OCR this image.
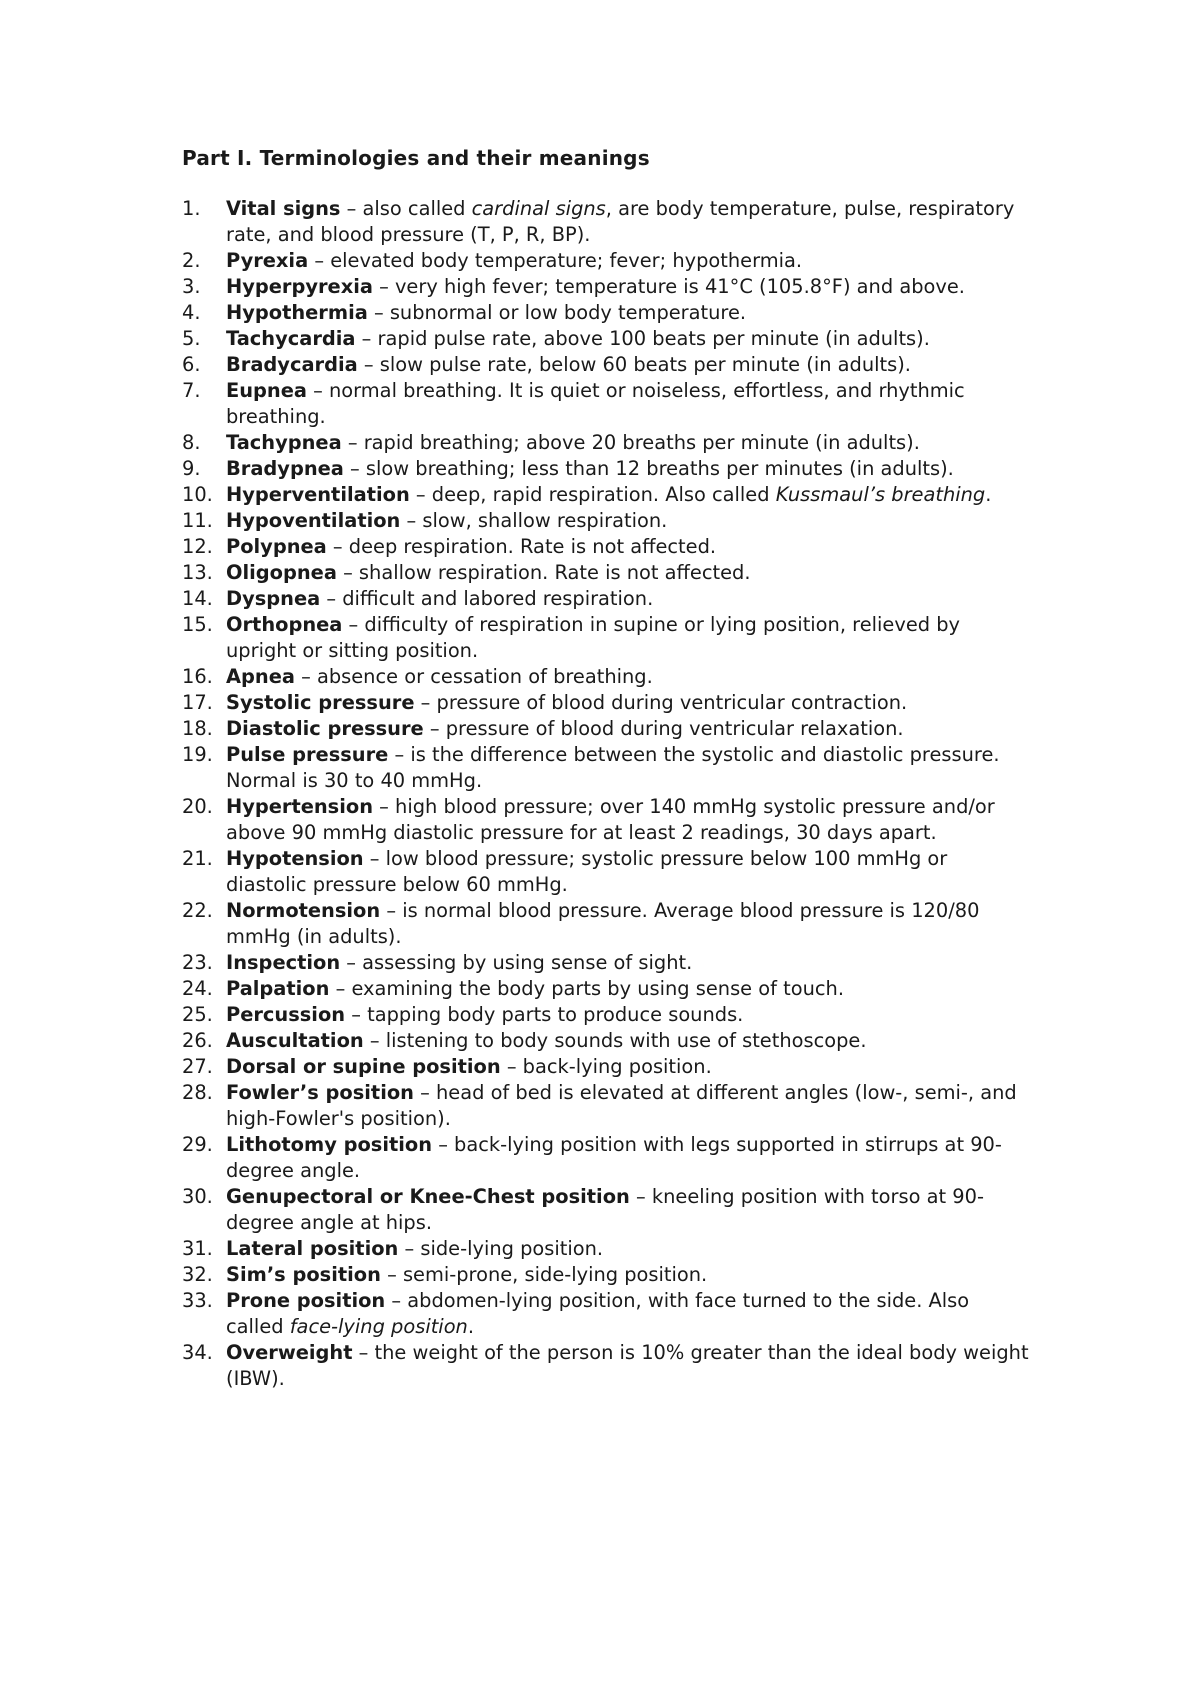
Part I. Terminologies and their meanings
1. Vital signs – also called cardinal signs, are body temperature, pulse, respiratory rate, and blood pressure (T, P, R, BP).
2. Pyrexia – elevated body temperature; fever; hypothermia.
3. Hyperpyrexia – very high fever; temperature is 41°C (105.8°F) and above.
4. Hypothermia – subnormal or low body temperature.
5. Tachycardia – rapid pulse rate, above 100 beats per minute (in adults).
6. Bradycardia – slow pulse rate, below 60 beats per minute (in adults).
7. Eupnea – normal breathing. It is quiet or noiseless, effortless, and rhythmic breathing.
8. Tachypnea – rapid breathing; above 20 breaths per minute (in adults).
9. Bradypnea – slow breathing; less than 12 breaths per minutes (in adults).
10. Hyperventilation – deep, rapid respiration. Also called Kussmaul’s breathing.
11. Hypoventilation – slow, shallow respiration.
12. Polypnea – deep respiration. Rate is not affected.
13. Oligopnea – shallow respiration. Rate is not affected.
14. Dyspnea – difficult and labored respiration.
15. Orthopnea – difficulty of respiration in supine or lying position, relieved by upright or sitting position.
16. Apnea – absence or cessation of breathing.
17. Systolic pressure – pressure of blood during ventricular contraction.
18. Diastolic pressure – pressure of blood during ventricular relaxation.
19. Pulse pressure – is the difference between the systolic and diastolic pressure. Normal is 30 to 40 mmHg.
20. Hypertension – high blood pressure; over 140 mmHg systolic pressure and/or above 90 mmHg diastolic pressure for at least 2 readings, 30 days apart.
21. Hypotension – low blood pressure; systolic pressure below 100 mmHg or diastolic pressure below 60 mmHg.
22. Normotension – is normal blood pressure. Average blood pressure is 120/80 mmHg (in adults).
23. Inspection – assessing by using sense of sight.
24. Palpation – examining the body parts by using sense of touch.
25. Percussion – tapping body parts to produce sounds.
26. Auscultation – listening to body sounds with use of stethoscope.
27. Dorsal or supine position – back-lying position.
28. Fowler’s position – head of bed is elevated at different angles (low-, semi-, and high-Fowler's position).
29. Lithotomy position – back-lying position with legs supported in stirrups at 90-degree angle.
30. Genupectoral or Knee-Chest position – kneeling position with torso at 90-degree angle at hips.
31. Lateral position – side-lying position.
32. Sim’s position – semi-prone, side-lying position.
33. Prone position – abdomen-lying position, with face turned to the side. Also called face-lying position.
34. Overweight – the weight of the person is 10% greater than the ideal body weight (IBW).
